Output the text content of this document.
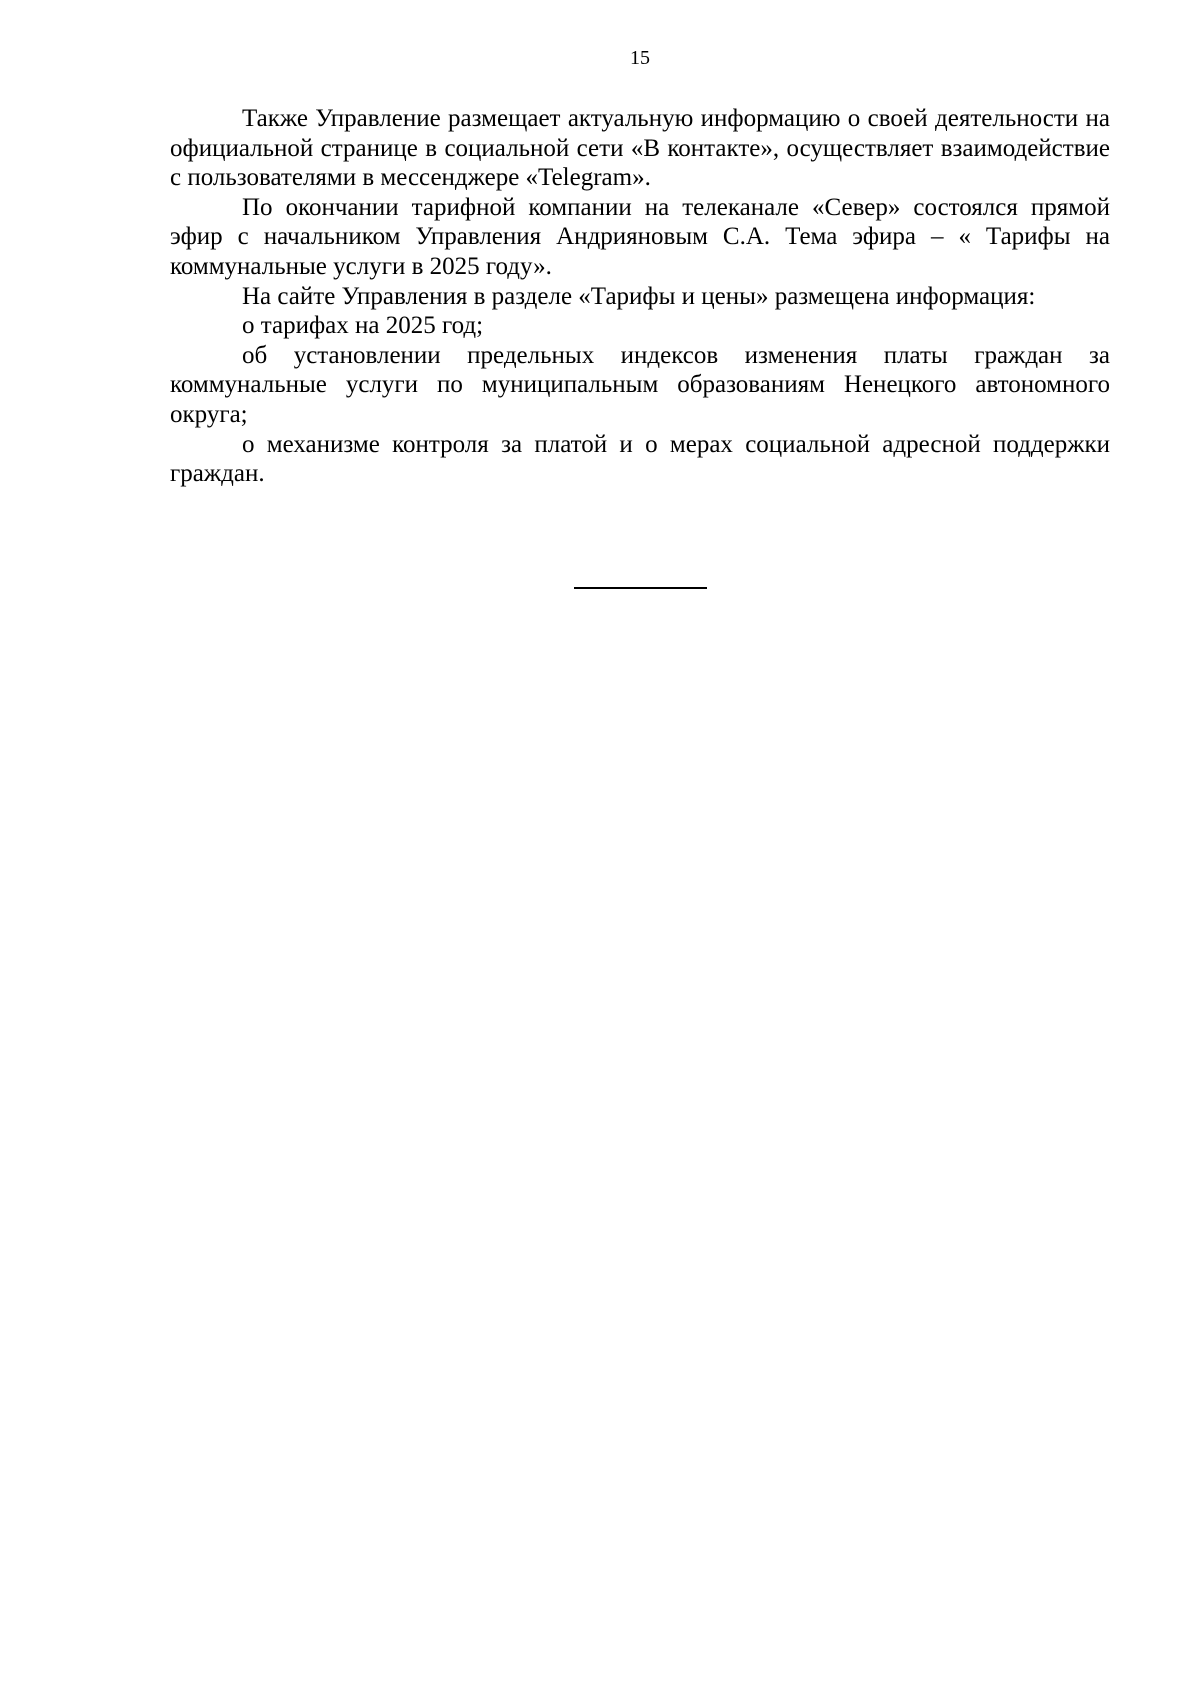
15

Также Управление размещает актуальную информацию о своей деятельности на официальной странице в социальной сети «В контакте», осуществляет взаимодействие с пользователями в мессенджере «Telegram».

По окончании тарифной компании на телеканале «Север» состоялся прямой эфир с начальником Управления Андрияновым С.А. Тема эфира – « Тарифы на коммунальные услуги в 2025 году».

На сайте Управления в разделе «Тарифы и цены» размещена информация:

о тарифах на 2025 год;

об установлении предельных индексов изменения платы граждан за коммунальные услуги по муниципальным образованиям Ненецкого автономного округа;

о механизме контроля за платой и о мерах социальной адресной поддержки граждан.
